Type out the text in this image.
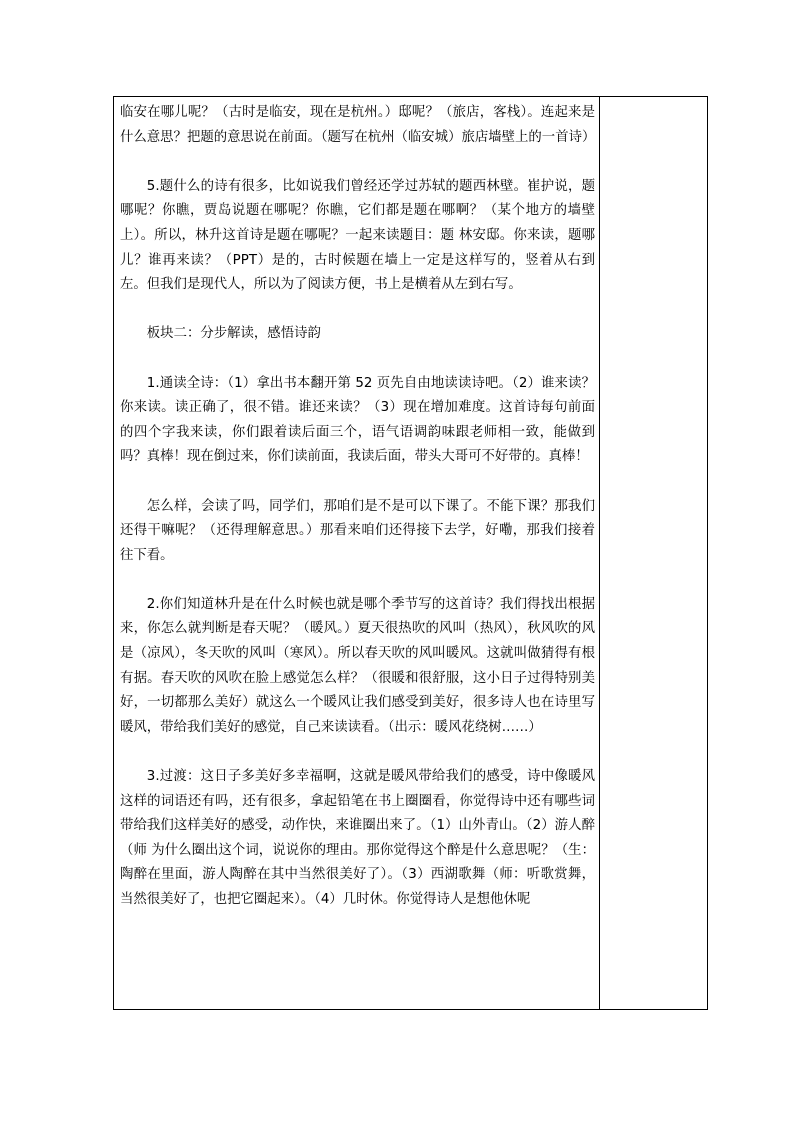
临安在哪儿呢？（古时是临安，现在是杭州。）邸呢？（旅店，客栈）。连起来是什么意思？把题的意思说在前面。（题写在杭州（临安城）旅店墙壁上的一首诗）

5.题什么的诗有很多，比如说我们曾经还学过苏轼的题西林壁。崔护说，题哪呢？你瞧，贾岛说题在哪呢？你瞧，它们都是题在哪啊？（某个地方的墙壁上）。所以，林升这首诗是题在哪呢？一起来读题目：题 林安邸。你来读，题哪儿？谁再来读？（PPT）是的，古时候题在墙上一定是这样写的，竖着从右到左。但我们是现代人，所以为了阅读方便，书上是横着从左到右写。

板块二：分步解读，感悟诗韵

1.通读全诗：（1）拿出书本翻开第 52 页先自由地读读诗吧。（2）谁来读？你来读。读正确了，很不错。谁还来读？（3）现在增加难度。这首诗每句前面的四个字我来读，你们跟着读后面三个，语气语调韵味跟老师相一致，能做到吗？真棒！现在倒过来，你们读前面，我读后面，带头大哥可不好带的。真棒！

怎么样，会读了吗，同学们，那咱们是不是可以下课了。不能下课？那我们还得干嘛呢？（还得理解意思。）那看来咱们还得接下去学，好嘞，那我们接着往下看。

2.你们知道林升是在什么时候也就是哪个季节写的这首诗？我们得找出根据来，你怎么就判断是春天呢？（暖风。）夏天很热吹的风叫（热风），秋风吹的风是（凉风），冬天吹的风叫（寒风）。所以春天吹的风叫暖风。这就叫做猜得有根有据。春天吹的风吹在脸上感觉怎么样？（很暖和很舒服，这小日子过得特别美好，一切都那么美好）就这么一个暖风让我们感受到美好，很多诗人也在诗里写暖风，带给我们美好的感觉，自己来读读看。（出示：暖风花绕树……）

3.过渡：这日子多美好多幸福啊，这就是暖风带给我们的感受，诗中像暖风这样的词语还有吗，还有很多，拿起铅笔在书上圈圈看，你觉得诗中还有哪些词带给我们这样美好的感受，动作快，来谁圈出来了。（1）山外青山。（2）游人醉（师 为什么圈出这个词，说说你的理由。那你觉得这个醉是什么意思呢？（生：陶醉在里面，游人陶醉在其中当然很美好了）。（3）西湖歌舞（师：听歌赏舞，当然很美好了，也把它圈起来）。（4）几时休。你觉得诗人是想他休呢
